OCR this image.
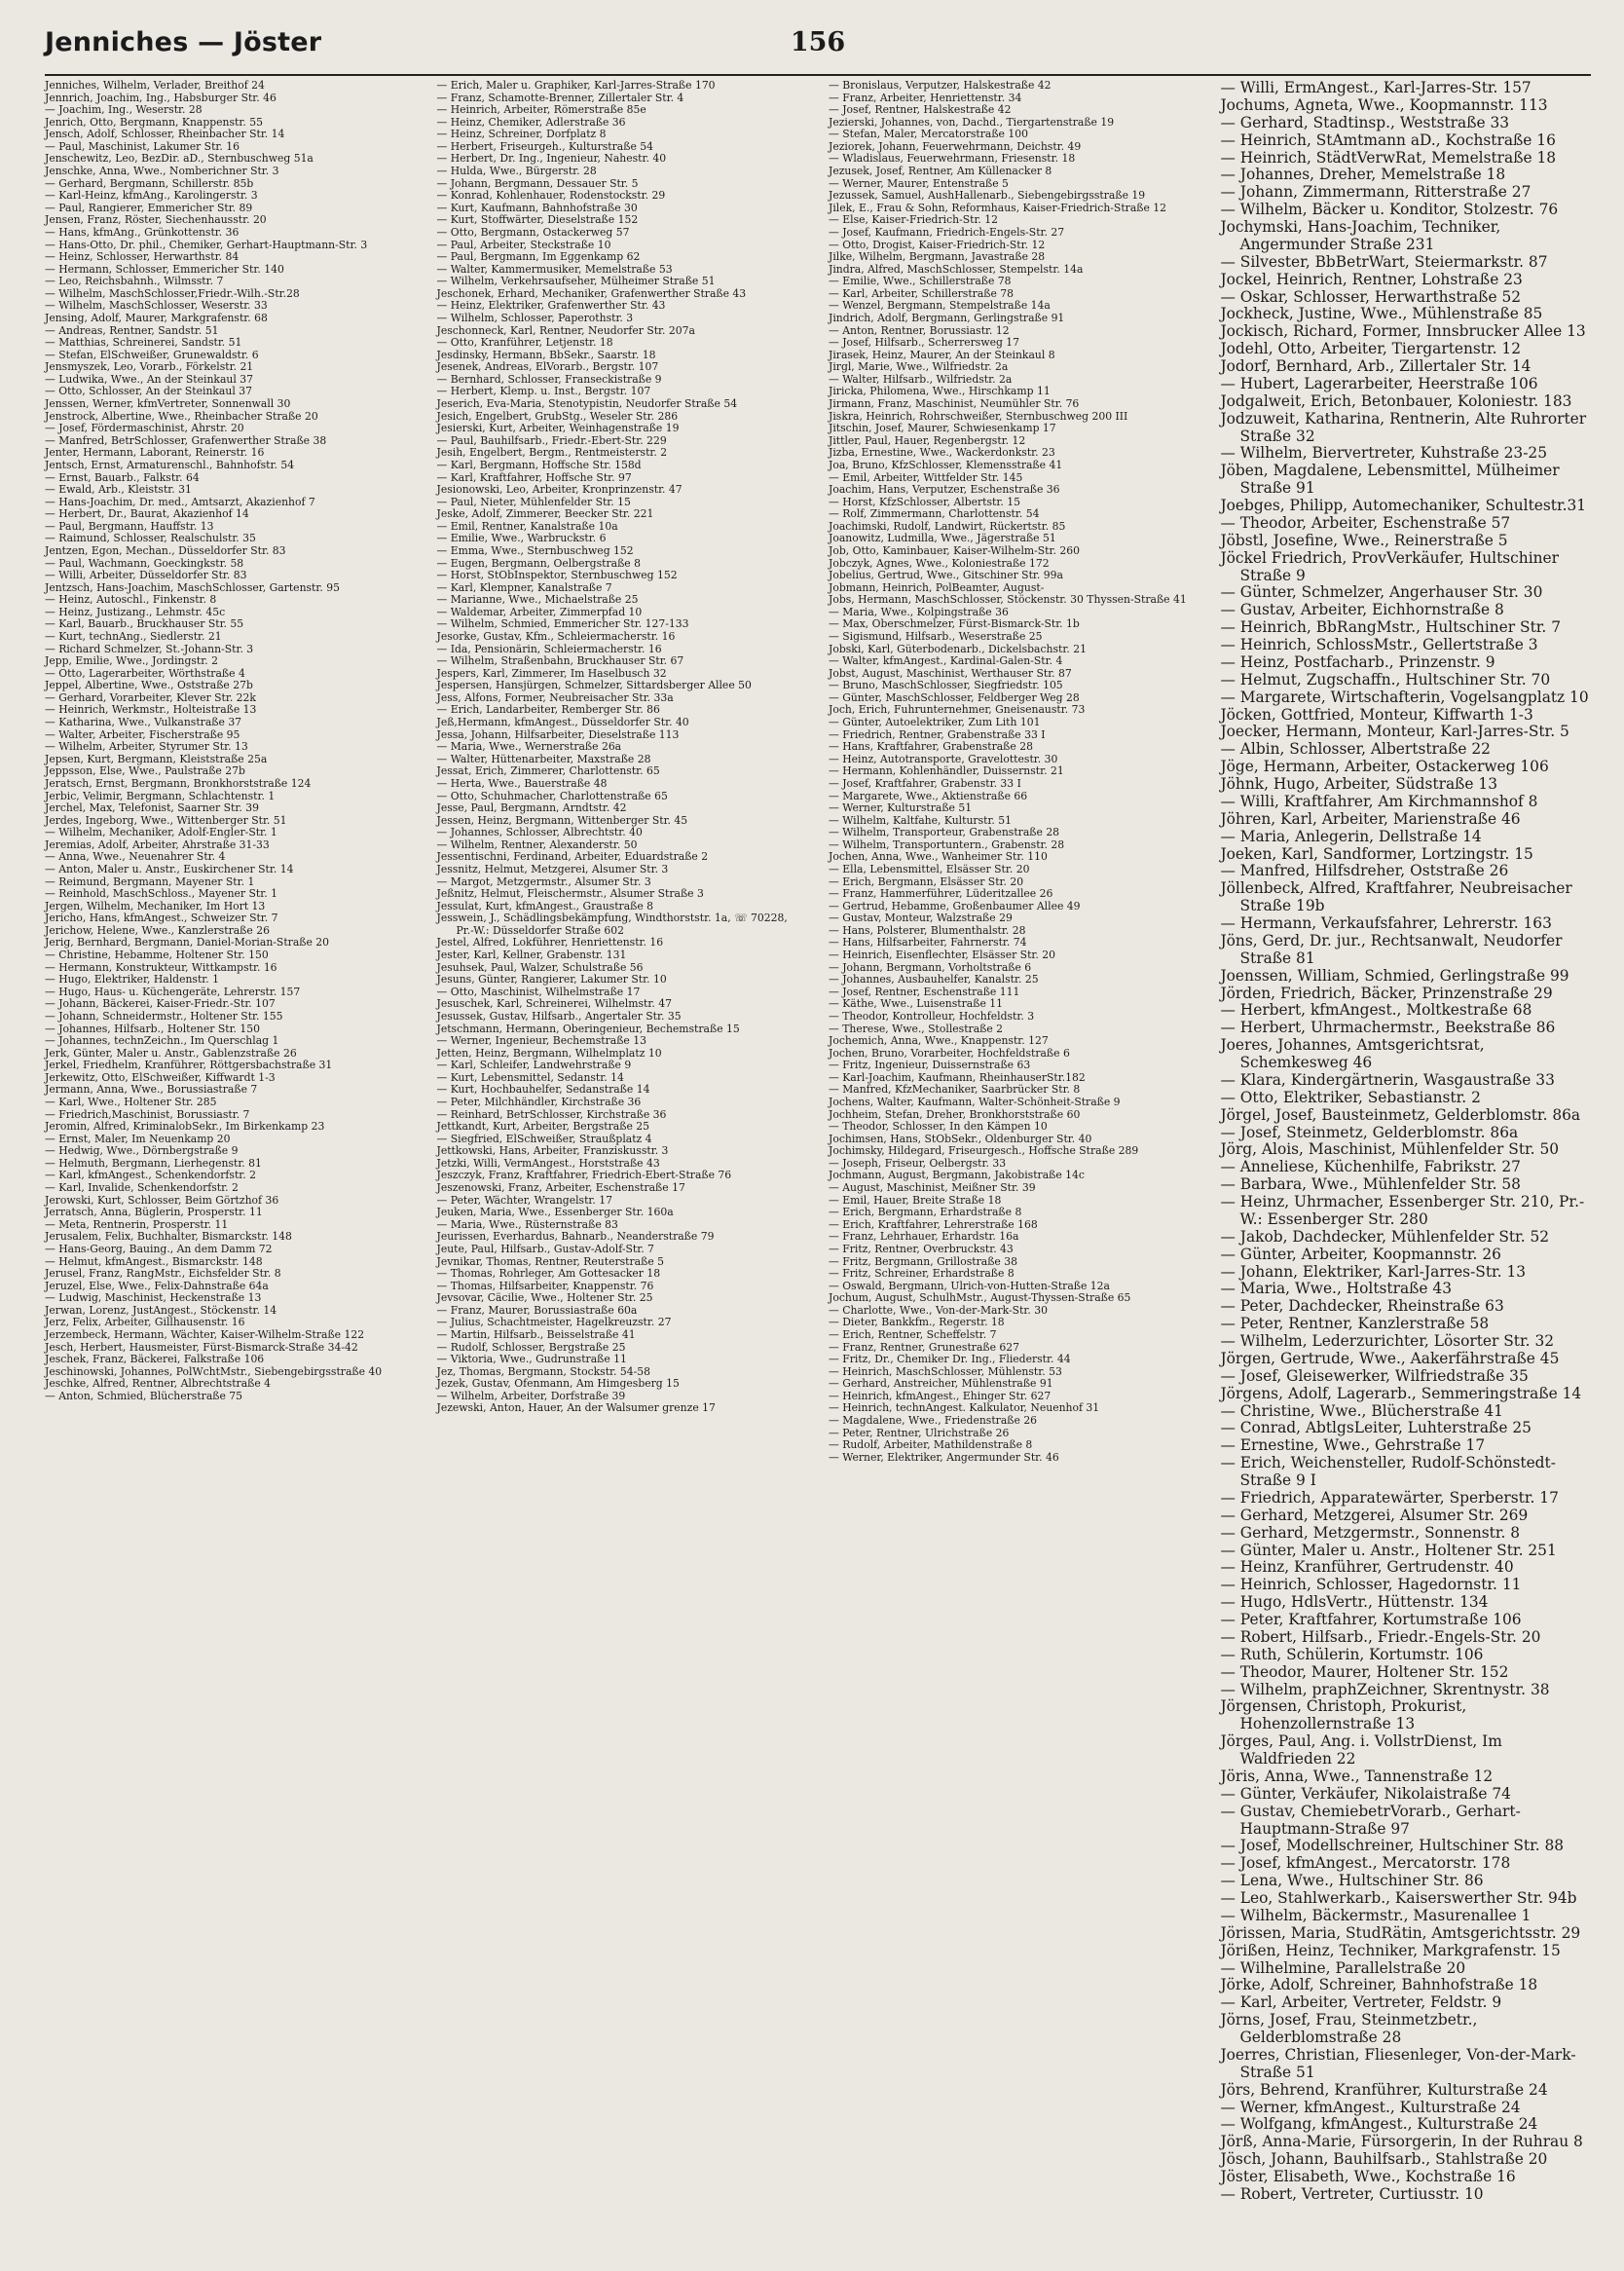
Jenniches — Jöster	156
Jenniches, Wilhelm, Verlader, Breithof 24
Jennrich, Joachim, Ing., Habsburger Str. 46
— Joachim, Ing., Weserstr. 28
Jenrich, Otto, Bergmann, Knappenstr. 55
Jensch, Adolf, Schlosser, Rheinbacher Str. 14
— Paul, Maschinist, Lakumer Str. 16
Jenschewitz, Leo, BezDir. aD., Sternbuschweg 51a
Jenschke, Anna, Wwe., Nomberichner Str. 3
— Gerhard, Bergmann, Schillerstr. 85b
— Karl-Heinz, kfmAng., Karolingerstr. 3
— Paul, Rangierer, Emmericher Str. 89
Jensen, Franz, Röster, Siechenhausstr. 20
— Hans, kfmAng., Grünkottenstr. 36
— Hans-Otto, Dr. phil., Chemiker, Gerhart-Hauptmann-Str. 3
— Heinz, Schlosser, Herwarthstr. 84
— Hermann, Schlosser, Emmericher Str. 140
— Leo, Reichsbahnh., Wilmsstr. 7
— Wilhelm, MaschSchlosser,Friedr.-Wilh.-Str.28
— Wilhelm, MaschSchlosser, Weserstr. 33
Jensing, Adolf, Maurer, Markgrafenstr. 68
— Andreas, Rentner, Sandstr. 51
— Matthias, Schreinerei, Sandstr. 51
— Stefan, ElSchweißer, Grunewaldstr. 6
Jensmyszek, Leo, Vorarb., Förkelstr. 21
— Ludwika, Wwe., An der Steinkaul 37
— Otto, Schlosser, An der Steinkaul 37
Jenssen, Werner, kfmVertreter, Sonnenwall 30
Jenstrock, Albertine, Wwe., Rheinbacher Straße 20
— Josef, Fördermaschinist, Ahrstr. 20
— Manfred, BetrSchlosser, Grafenwerther Straße 38
Jenter, Hermann, Laborant, Reinerstr. 16
Jentsch, Ernst, Armaturenschl., Bahnhofstr. 54
— Ernst, Bauarb., Falkstr. 64
— Ewald, Arb., Kleiststr. 31
— Hans-Joachim, Dr. med., Amtsarzt, Akazienhof 7
— Herbert, Dr., Baurat, Akazienhof 14
— Paul, Bergmann, Hauffstr. 13
— Raimund, Schlosser, Realschulstr. 35
Jentzen, Egon, Mechan., Düsseldorfer Str. 83
— Paul, Wachmann, Goeckingkstr. 58
— Willi, Arbeiter, Düsseldorfer Str. 83
Jentzsch, Hans-Joachim, MaschSchlosser, Gartenstr. 95
— Heinz, Autoschl., Finkenstr. 8
— Heinz, Justizang., Lehmstr. 45c
— Karl, Bauarb., Bruckhauser Str. 55
— Kurt, technAng., Siedlerstr. 21
— Richard Schmelzer, St.-Johann-Str. 3
Jepp, Emilie, Wwe., Jordingstr. 2
— Otto, Lagerarbeiter, Wörthstraße 4
Jeppel, Albertine, Wwe., Oststraße 27b
— Gerhard, Vorarbeiter, Klever Str. 22k
— Heinrich, Werkmstr., Holteistraße 13
— Katharina, Wwe., Vulkanstraße 37
— Walter, Arbeiter, Fischerstraße 95
— Wilhelm, Arbeiter, Styrumer Str. 13
Jepsen, Kurt, Bergmann, Kleiststraße 25a
Jeppsson, Else, Wwe., Paulstraße 27b
Jeratsch, Ernst, Bergmann, Bronkhorststraße 124
Jerbic, Velimir, Bergmann, Schlachtenstr. 1
Jerchel, Max, Telefonist, Saarner Str. 39
Jerdes, Ingeborg, Wwe., Wittenberger Str. 51
— Wilhelm, Mechaniker, Adolf-Engler-Str. 1
Jeremias, Adolf, Arbeiter, Ahrstraße 31-33
— Anna, Wwe., Neuenahrer Str. 4
— Anton, Maler u. Anstr., Euskirchener Str. 14
— Reimund, Bergmann, Mayener Str. 1
— Reinhold, MaschSchloss., Mayener Str. 1
Jergen, Wilhelm, Mechaniker, Im Hort 13
Jericho, Hans, kfmAngest., Schweizer Str. 7
Jerichow, Helene, Wwe., Kanzlerstraße 26
Jerig, Bernhard, Bergmann, Daniel-Morian-Straße 20
— Christine, Hebamme, Holtener Str. 150
— Hermann, Konstrukteur, Wittkampstr. 16
— Hugo, Elektriker, Haldenstr. 1
— Hugo, Haus- u. Küchengeräte, Lehrerstr. 157
— Johann, Bäckerei, Kaiser-Friedr.-Str. 107
— Johann, Schneidermstr., Holtener Str. 155
— Johannes, Hilfsarb., Holtener Str. 150
— Johannes, technZeichn., Im Querschlag 1
Jerk, Günter, Maler u. Anstr., Gablenzstraße 26
Jerkel, Friedhelm, Kranführer, Röttgersbachstraße 31
Jerkewitz, Otto, ElSchweißer, Kiffwardt 1-3
Jermann, Anna, Wwe., Borussiastraße 7
— Karl, Wwe., Holtener Str. 285
— Friedrich,Maschinist, Borussiastr. 7
Jeromin, Alfred, KriminalobSekr., Im Birkenkamp 23
— Ernst, Maler, Im Neuenkamp 20
— Hedwig, Wwe., Dörnbergstraße 9
— Helmuth, Bergmann, Lierhegenstr. 81
— Karl, kfmAngest., Schenkendorfstr. 2
— Karl, Invalide, Schenkendorfstr. 2
Jerowski, Kurt, Schlosser, Beim Görtzhof 36
Jerratsch, Anna, Büglerin, Prosperstr. 11
— Meta, Rentnerin, Prosperstr. 11
Jerusalem, Felix, Buchhalter, Bismarckstr. 148
— Hans-Georg, Bauing., An dem Damm 72
— Helmut, kfmAngest., Bismarckstr. 148
Jerusel, Franz, RangMstr., Eichsfelder Str. 8
Jeruzel, Else, Wwe., Felix-Dahnstraße 64a
— Ludwig, Maschinist, Heckenstraße 13
Jerwan, Lorenz, JustAngest., Stöckenstr. 14
Jerz, Felix, Arbeiter, Gillhausenstr. 16
Jerzembeck, Hermann, Wächter, Kaiser-Wilhelm-Straße 122
Jesch, Herbert, Hausmeister, Fürst-Bismarck-Straße 34-42
Jeschek, Franz, Bäckerei, Falkstraße 106
Jeschinowski, Johannes, PolWchtMstr., Siebengebirgsstraße 40
Jeschke, Alfred, Rentner, Albrechtstraße 4
— Anton, Schmied, Blücherstraße 75
— Erich, Maler u. Graphiker, Karl-Jarres-Straße 170
— Franz, Schamotte-Brenner, Zillertaler Str. 4
— Heinrich, Arbeiter, Römerstraße 85e
— Heinz, Chemiker, Adlerstraße 36
— Heinz, Schreiner, Dorfplatz 8
— Herbert, Friseurgeh., Kulturstraße 54
— Herbert, Dr. Ing., Ingenieur, Nahestr. 40
— Hulda, Wwe., Bürgerstr. 28
— Johann, Bergmann, Dessauer Str. 5
— Konrad, Kohlenhauer, Rodenstockstr. 29
— Kurt, Kaufmann, Bahnhofstraße 30
— Kurt, Stoffwärter, Dieselstraße 152
— Otto, Bergmann, Ostackerweg 57
— Paul, Arbeiter, Steckstraße 10
— Paul, Bergmann, Im Eggenkamp 62
— Walter, Kammermusiker, Memelstraße 53
— Wilhelm, Verkehrsaufseher, Mülheimer Straße 51
Jeschonek, Erhard, Mechaniker, Grafenwerther Straße 43
— Heinz, Elektriker, Grafenwerther Str. 43
— Wilhelm, Schlosser, Paperothstr. 3
Jeschonneck, Karl, Rentner, Neudorfer Str. 207a
— Otto, Kranführer, Letjenstr. 18
Jesdinsky, Hermann, BbSekr., Saarstr. 18
Jesenek, Andreas, ElVorarb., Bergstr. 107
— Bernhard, Schlosser, Franseckistraße 9
— Herbert, Klemp. u. Inst., Bergstr. 107
Jeserich, Eva-Maria, Stenotypistin, Neudorfer Straße 54
Jesich, Engelbert, GrubStg., Weseler Str. 286
Jesierski, Kurt, Arbeiter, Weinhagenstraße 19
— Paul, Bauhilfsarb., Friedr.-Ebert-Str. 229
Jesih, Engelbert, Bergm., Rentmeisterstr. 2
— Karl, Bergmann, Hoffsche Str. 158d
— Karl, Kraftfahrer, Hoffsche Str. 97
Jesionowski, Leo, Arbeiter, Kronprinzenstr. 47
— Paul, Nieter, Mühlenfelder Str. 15
Jeske, Adolf, Zimmerer, Beecker Str. 221
— Emil, Rentner, Kanalstraße 10a
— Emilie, Wwe., Warbruckstr. 6
— Emma, Wwe., Sternbuschweg 152
— Eugen, Bergmann, Oelbergstraße 8
— Horst, StObInspektor, Sternbuschweg 152
— Karl, Klempner, Kanalstraße 7
— Marianne, Wwe., Michaelstraße 25
— Waldemar, Arbeiter, Zimmerpfad 10
— Wilhelm, Schmied, Emmericher Str. 127-133
Jesorke, Gustav, Kfm., Schleiermacherstr. 16
— Ida, Pensionärin, Schleiermacherstr. 16
— Wilhelm, Straßenbahn, Bruckhauser Str. 67
Jespers, Karl, Zimmerer, Im Haselbusch 32
Jespersen, Hansjürgen, Schmelzer, Sittardsberger Allee 50
Jess, Alfons, Former, Neubreisacher Str. 33a
— Erich, Landarbeiter, Remberger Str. 86
Jeß,Hermann, kfmAngest., Düsseldorfer Str. 40
Jessa, Johann, Hilfsarbeiter, Dieselstraße 113
— Maria, Wwe., Wernerstraße 26a
— Walter, Hüttenarbeiter, Maxstraße 28
Jessat, Erich, Zimmerer, Charlottenstr. 65
— Herta, Wwe., Bauerstraße 48
— Otto, Schuhmacher, Charlottenstraße 65
Jesse, Paul, Bergmann, Arndtstr. 42
Jessen, Heinz, Bergmann, Wittenberger Str. 45
— Johannes, Schlosser, Albrechtstr. 40
— Wilhelm, Rentner, Alexanderstr. 50
Jessentischni, Ferdinand, Arbeiter, Eduardstraße 2
Jessnitz, Helmut, Metzgerei, Alsumer Str. 3
— Margot, Metzgermstr., Alsumer Str. 3
Jeßnitz, Helmut, Fleischermstr., Alsumer Straße 3
Jessulat, Kurt, kfmAngest., Graustraße 8
Jesswein, J., Schädlingsbekämpfung, Windthorststr. 1a, ☏ 70228, Pr.-W.: Düsseldorfer Straße 602
Jestel, Alfred, Lokführer, Henriettenstr. 16
Jester, Karl, Kellner, Grabenstr. 131
Jesuhsek, Paul, Walzer, Schulstraße 56
Jesuns, Günter, Rangierer, Lakumer Str. 10
— Otto, Maschinist, Wilhelmstraße 17
Jesuschek, Karl, Schreinerei, Wilhelmstr. 47
Jesussek, Gustav, Hilfsarb., Angertaler Str. 35
Jetschmann, Hermann, Oberingenieur, Bechemstraße 15
— Werner, Ingenieur, Bechemstraße 13
Jetten, Heinz, Bergmann, Wilhelmplatz 10
— Karl, Schleifer, Landwehrstraße 9
— Kurt, Lebensmittel, Sedanstr. 14
— Kurt, Hochbauhelfer, Sedanstraße 14
— Peter, Milchhändler, Kirchstraße 36
— Reinhard, BetrSchlosser, Kirchstraße 36
Jettkandt, Kurt, Arbeiter, Bergstraße 25
— Siegfried, ElSchweißer, Straußplatz 4
Jettkowski, Hans, Arbeiter, Franziskusstr. 3
Jetzki, Willi, VermAngest., Horststraße 43
Jeszczyk, Franz, Kraftfahrer, Friedrich-Ebert-Straße 76
Jeszenowski, Franz, Arbeiter, Eschenstraße 17
— Peter, Wächter, Wrangelstr. 17
Jeuken, Maria, Wwe., Essenberger Str. 160a
— Maria, Wwe., Rüsternstraße 83
Jeurissen, Everhardus, Bahnarb., Neanderstraße 79
Jeute, Paul, Hilfsarb., Gustav-Adolf-Str. 7
Jevnikar, Thomas, Rentner, Reuterstraße 5
— Thomas, Rohrleger, Am Gottesacker 18
— Thomas, Hilfsarbeiter, Knappenstr. 76
Jevsovar, Cäcilie, Wwe., Holtener Str. 25
— Franz, Maurer, Borussiastraße 60a
— Julius, Schachtmeister, Hagelkreuzstr. 27
— Martin, Hilfsarb., Beisselstraße 41
— Rudolf, Schlosser, Bergstraße 25
— Viktoria, Wwe., Gudrunstraße 11
Jez, Thomas, Bergmann, Stockstr. 54-58
Jezek, Gustav, Ofenmann, Am Himgesberg 15
— Wilhelm, Arbeiter, Dorfstraße 39
Jezewski, Anton, Hauer, An der Walsumer grenze 17
— Bronislaus, Verputzer, Halskestraße 42
— Franz, Arbeiter, Henriettenstr. 34
— Josef, Rentner, Halskestraße 42
Jezierski, Johannes, von, Dachd., Tiergartenstraße 19
— Stefan, Maler, Mercatorstraße 100
Jeziorek, Johann, Feuerwehrmann, Deichstr. 49
— Wladislaus, Feuerwehrmann, Friesenstr. 18
Jezusek, Josef, Rentner, Am Küllenacker 8
— Werner, Maurer, Entenstraße 5
Jezussek, Samuel, AushHallenarb., Siebengebirgsstraße 19
Jilek, E., Frau & Sohn, Reformhaus, Kaiser-Friedrich-Straße 12
— Else, Kaiser-Friedrich-Str. 12
— Josef, Kaufmann, Friedrich-Engels-Str. 27
— Otto, Drogist, Kaiser-Friedrich-Str. 12
Jilke, Wilhelm, Bergmann, Javastraße 28
Jindra, Alfred, MaschSchlosser, Stempelstr. 14a
— Emilie, Wwe., Schillerstraße 78
— Karl, Arbeiter, Schillerstraße 78
— Wenzel, Bergmann, Stempelstraße 14a
Jindrich, Adolf, Bergmann, Gerlingstraße 91
— Anton, Rentner, Borussiastr. 12
— Josef, Hilfsarb., Scherrersweg 17
Jirasek, Heinz, Maurer, An der Steinkaul 8
Jirgl, Marie, Wwe., Wilfriedstr. 2a
— Walter, Hilfsarb., Wilfriedstr. 2a
Jiricka, Philomena, Wwe., Hirschkamp 11
Jirmann, Franz, Maschinist, Neumühler Str. 76
Jiskra, Heinrich, Rohrschweißer, Sternbuschweg 200 III
Jitschin, Josef, Maurer, Schwiesenkamp 17
Jittler, Paul, Hauer, Regenbergstr. 12
Jizba, Ernestine, Wwe., Wackerdonkstr. 23
Joa, Bruno, KfzSchlosser, Klemensstraße 41
— Emil, Arbeiter, Wittfelder Str. 145
Joachim, Hans, Verputzer, Eschenstraße 36
— Horst, KfzSchlosser, Albertstr. 15
— Rolf, Zimmermann, Charlottenstr. 54
Joachimski, Rudolf, Landwirt, Rückertstr. 85
Joanowitz, Ludmilla, Wwe., Jägerstraße 51
Job, Otto, Kaminbauer, Kaiser-Wilhelm-Str. 260
Jobczyk, Agnes, Wwe., Koloniestraße 172
Jobelius, Gertrud, Wwe., Gitschiner Str. 99a
Jobmann, Heinrich, PolBeamter, August-
Jobs, Hermann, MaschSchlosser, Stöckenstr. 30 Thyssen-Straße 41
— Maria, Wwe., Kolpingstraße 36
— Max, Oberschmelzer, Fürst-Bismarck-Str. 1b
— Sigismund, Hilfsarb., Weserstraße 25
Jobski, Karl, Güterbodenarb., Dickelsbachstr. 21
— Walter, kfmAngest., Kardinal-Galen-Str. 4
Jobst, August, Maschinist, Werthauser Str. 87
— Bruno, MaschSchlosser, Siegfriedstr. 105
— Günter, MaschSchlosser, Feldberger Weg 28
Joch, Erich, Fuhrunternehmer, Gneisenaustr. 73
— Günter, Autoelektriker, Zum Lith 101
— Friedrich, Rentner, Grabenstraße 33 I
— Hans, Kraftfahrer, Grabenstraße 28
— Heinz, Autotransporte, Gravelottestr. 30
— Hermann, Kohlenhändler, Duissernstr. 21
— Josef, Kraftfahrer, Grabenstr. 33 I
— Margarete, Wwe., Aktienstraße 66
— Werner, Kulturstraße 51
— Wilhelm, Kaltfahe, Kulturstr. 51
— Wilhelm, Transporteur, Grabenstraße 28
— Wilhelm, Transportuntern., Grabenstr. 28
Jochen, Anna, Wwe., Wanheimer Str. 110
— Ella, Lebensmittel, Elsässer Str. 20
— Erich, Bergmann, Elsässer Str. 20
— Franz, Hammerführer, Lüderitzallee 26
— Gertrud, Hebamme, Großenbaumer Allee 49
— Gustav, Monteur, Walzstraße 29
— Hans, Polsterer, Blumenthalstr. 28
— Hans, Hilfsarbeiter, Fahrnerstr. 74
— Heinrich, Eisenflechter, Elsässer Str. 20
— Johann, Bergmann, Vorholtstraße 6
— Johannes, Ausbauhelfer, Kanalstr. 25
— Josef, Rentner, Eschenstraße 111
— Käthe, Wwe., Luisenstraße 11
— Theodor, Kontrolleur, Hochfeldstr. 3
— Therese, Wwe., Stollestraße 2
Jochemich, Anna, Wwe., Knappenstr. 127
Jochen, Bruno, Vorarbeiter, Hochfeldstraße 6
— Fritz, Ingenieur, Duissernstraße 63
— Karl-Joachim, Kaufmann, RheinhauserStr.182
— Manfred, KfzMechaniker, Saarbrücker Str. 8
Jochens, Walter, Kaufmann, Walter-Schönheit-Straße 9
Jochheim, Stefan, Dreher, Bronkhorststraße 60
— Theodor, Schlosser, In den Kämpen 10
Jochimsen, Hans, StObSekr., Oldenburger Str. 40
Jochimsky, Hildegard, Friseurgesch., Hoffsche Straße 289
— Joseph, Friseur, Oelbergstr. 33
Jochmann, August, Bergmann, Jakobistraße 14c
— August, Maschinist, Meißner Str. 39
— Emil, Hauer, Breite Straße 18
— Erich, Bergmann, Erhardstraße 8
— Erich, Kraftfahrer, Lehrerstraße 168
— Franz, Lehrhauer, Erhardstr. 16a
— Fritz, Rentner, Overbruckstr. 43
— Fritz, Bergmann, Grillostraße 38
— Fritz, Schreiner, Erhardstraße 8
— Oswald, Bergmann, Ulrich-von-Hutten-Straße 12a
Jochum, August, SchulhMstr., August-Thyssen-Straße 65
— Charlotte, Wwe., Von-der-Mark-Str. 30
— Dieter, Bankkfm., Regerstr. 18
— Erich, Rentner, Scheffelstr. 7
— Franz, Rentner, Grunestraße 627
— Fritz, Dr., Chemiker Dr. Ing., Fliederstr. 44
— Heinrich, MaschSchlosser, Mühlenstr. 53
— Gerhard, Anstreicher, Mühlenstraße 91
— Heinrich, kfmAngest., Ehinger Str. 627
— Heinrich, technAngest. Kalkulator, Neuenhof 31
— Magdalene, Wwe., Friedenstraße 26
— Peter, Rentner, Ulrichstraße 26
— Rudolf, Arbeiter, Mathildenstraße 8
— Werner, Elektriker, Angermunder Str. 46
— Willi, ErmAngest., Karl-Jarres-Str. 157
Jochums, Agneta, Wwe., Koopmannstr. 113
— Gerhard, Stadtinsp., Weststraße 33
— Heinrich, StAmtmann aD., Kochstraße 16
— Heinrich, StädtVerwRat, Memelstraße 18
— Johannes, Dreher, Memelstraße 18
— Johann, Zimmermann, Ritterstraße 27
— Wilhelm, Bäcker u. Konditor, Stolzestr. 76
Jochymski, Hans-Joachim, Techniker, Angermunder Straße 231
— Silvester, BbBetrWart, Steiermarkstr. 87
Jockel, Heinrich, Rentner, Lohstraße 23
— Oskar, Schlosser, Herwarthstraße 52
Jockheck, Justine, Wwe., Mühlenstraße 85
Jockisch, Richard, Former, Innsbrucker Allee 13
Jodehl, Otto, Arbeiter, Tiergartenstr. 12
Jodorf, Bernhard, Arb., Zillertaler Str. 14
— Hubert, Lagerarbeiter, Heerstraße 106
Jodgalweit, Erich, Betonbauer, Koloniestr. 183
Jodzuweit, Katharina, Rentnerin, Alte Ruhrorter Straße 32
— Wilhelm, Biervertreter, Kuhstraße 23-25
Jöben, Magdalene, Lebensmittel, Mülheimer Straße 91
Joebges, Philipp, Automechaniker, Schultestr.31
— Theodor, Arbeiter, Eschenstraße 57
Jöbstl, Josefine, Wwe., Reinerstraße 5
Jöckel Friedrich, ProvVerkäufer, Hultschiner Straße 9
— Günter, Schmelzer, Angerhauser Str. 30
— Gustav, Arbeiter, Eichhornstraße 8
— Heinrich, BbRangMstr., Hultschiner Str. 7
— Heinrich, SchlossMstr., Gellertstraße 3
— Heinz, Postfacharb., Prinzenstr. 9
— Helmut, Zugschaffn., Hultschiner Str. 70
— Margarete, Wirtschafterin, Vogelsangplatz 10
Jöcken, Gottfried, Monteur, Kiffwarth 1-3
Joecker, Hermann, Monteur, Karl-Jarres-Str. 5
— Albin, Schlosser, Albertstraße 22
Jöge, Hermann, Arbeiter, Ostackerweg 106
Jöhnk, Hugo, Arbeiter, Südstraße 13
— Willi, Kraftfahrer, Am Kirchmannshof 8
Jöhren, Karl, Arbeiter, Marienstraße 46
— Maria, Anlegerin, Dellstraße 14
Joeken, Karl, Sandformer, Lortzingstr. 15
— Manfred, Hilfsdreher, Oststraße 26
Jöllenbeck, Alfred, Kraftfahrer, Neubreisacher Straße 19b
— Hermann, Verkaufsfahrer, Lehrerstr. 163
Jöns, Gerd, Dr. jur., Rechtsanwalt, Neudorfer Straße 81
Joenssen, William, Schmied, Gerlingstraße 99
Jörden, Friedrich, Bäcker, Prinzenstraße 29
— Herbert, kfmAngest., Moltkestraße 68
— Herbert, Uhrmachermstr., Beekstraße 86
Joeres, Johannes, Amtsgerichtsrat, Schemkesweg 46
— Klara, Kindergärtnerin, Wasgaustraße 33
— Otto, Elektriker, Sebastianstr. 2
Jörgel, Josef, Bausteinmetz, Gelderblomstr. 86a
— Josef, Steinmetz, Gelderblomstr. 86a
Jörg, Alois, Maschinist, Mühlenfelder Str. 50
— Anneliese, Küchenhilfe, Fabrikstr. 27
— Barbara, Wwe., Mühlenfelder Str. 58
— Heinz, Uhrmacher, Essenberger Str. 210, Pr.-W.: Essenberger Str. 280
— Jakob, Dachdecker, Mühlenfelder Str. 52
— Günter, Arbeiter, Koopmannstr. 26
— Johann, Elektriker, Karl-Jarres-Str. 13
— Maria, Wwe., Holtstraße 43
— Peter, Dachdecker, Rheinstraße 63
— Peter, Rentner, Kanzlerstraße 58
— Wilhelm, Lederzurichter, Lösorter Str. 32
Jörgen, Gertrude, Wwe., Aakerfährstraße 45
— Josef, Gleisewerker, Wilfriedstraße 35
Jörgens, Adolf, Lagerarb., Semmeringstraße 14
— Christine, Wwe., Blücherstraße 41
— Conrad, AbtlgsLeiter, Luhterstraße 25
— Ernestine, Wwe., Gehrstraße 17
— Erich, Weichensteller, Rudolf-Schönstedt-Straße 9 I
— Friedrich, Apparatewärter, Sperberstr. 17
— Gerhard, Metzgerei, Alsumer Str. 269
— Gerhard, Metzgermstr., Sonnenstr. 8
— Günter, Maler u. Anstr., Holtener Str. 251
— Heinz, Kranführer, Gertrudenstr. 40
— Heinrich, Schlosser, Hagedornstr. 11
— Hugo, HdlsVertr., Hüttenstr. 134
— Peter, Kraftfahrer, Kortumstraße 106
— Robert, Hilfsarb., Friedr.-Engels-Str. 20
— Ruth, Schülerin, Kortumstr. 106
— Theodor, Maurer, Holtener Str. 152
— Wilhelm, praphZeichner, Skrentnystr. 38
Jörgensen, Christoph, Prokurist, Hohenzollernstraße 13
Jörges, Paul, Ang. i. VollstrDienst, Im Waldfrieden 22
Jöris, Anna, Wwe., Tannenstraße 12
— Günter, Verkäufer, Nikolaistraße 74
— Gustav, ChemiebetrVorarb., Gerhart-Hauptmann-Straße 97
— Josef, Modellschreiner, Hultschiner Str. 88
— Josef, kfmAngest., Mercatorstr. 178
— Lena, Wwe., Hultschiner Str. 86
— Leo, Stahlwerkarb., Kaiserswerther Str. 94b
— Wilhelm, Bäckermstr., Masurenallee 1
Jörissen, Maria, StudRätin, Amtsgerichtsstr. 29
Jörißen, Heinz, Techniker, Markgrafenstr. 15
— Wilhelmine, Parallelstraße 20
Jörke, Adolf, Schreiner, Bahnhofstraße 18
— Karl, Arbeiter, Vertreter, Feldstr. 9
Jörns, Josef, Frau, Steinmetzbetr., Gelderblomstraße 28
Joerres, Christian, Fliesenleger, Von-der-Mark-Straße 51
Jörs, Behrend, Kranführer, Kulturstraße 24
— Werner, kfmAngest., Kulturstraße 24
— Wolfgang, kfmAngest., Kulturstraße 24
Jörß, Anna-Marie, Fürsorgerin, In der Ruhrau 8
Jösch, Johann, Bauhilfsarb., Stahlstraße 20
Jöster, Elisabeth, Wwe., Kochstraße 16
— Robert, Vertreter, Curtiusstr. 10
